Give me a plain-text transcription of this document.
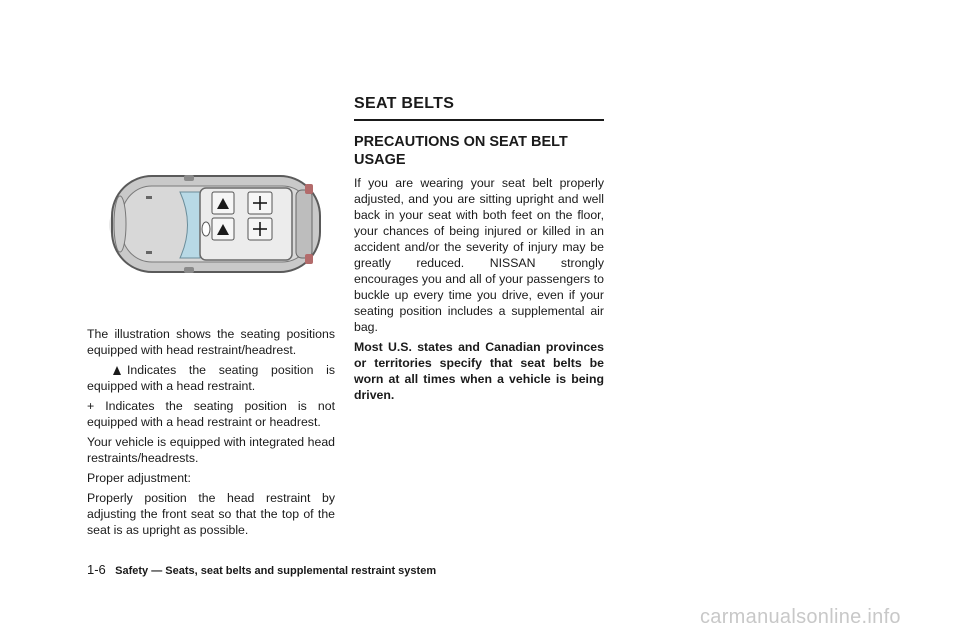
The illustration shows the seating positions equipped with head restraint/headrest.

Indicates the seating position is equipped with a head restraint.

+ Indicates the seating position is not equipped with a head restraint or headrest.

Your vehicle is equipped with integrated head restraints/headrests.

Proper adjustment:

Properly position the head restraint by adjusting the front seat so that the top of the seat is as upright as possible.

SEAT BELTS
PRECAUTIONS ON SEAT BELT USAGE

If you are wearing your seat belt properly adjusted, and you are sitting upright and well back in your seat with both feet on the floor, your chances of being injured or killed in an accident and/or the severity of injury may be greatly reduced. NISSAN strongly encourages you and all of your passengers to buckle up every time you drive, even if your seating position includes a supplemental air bag.

Most U.S. states and Canadian provinces or territories specify that seat belts be worn at all times when a vehicle is being driven.

1-6 Safety — Seats, seat belts and supplemental restraint system
carmanualsonline.info
